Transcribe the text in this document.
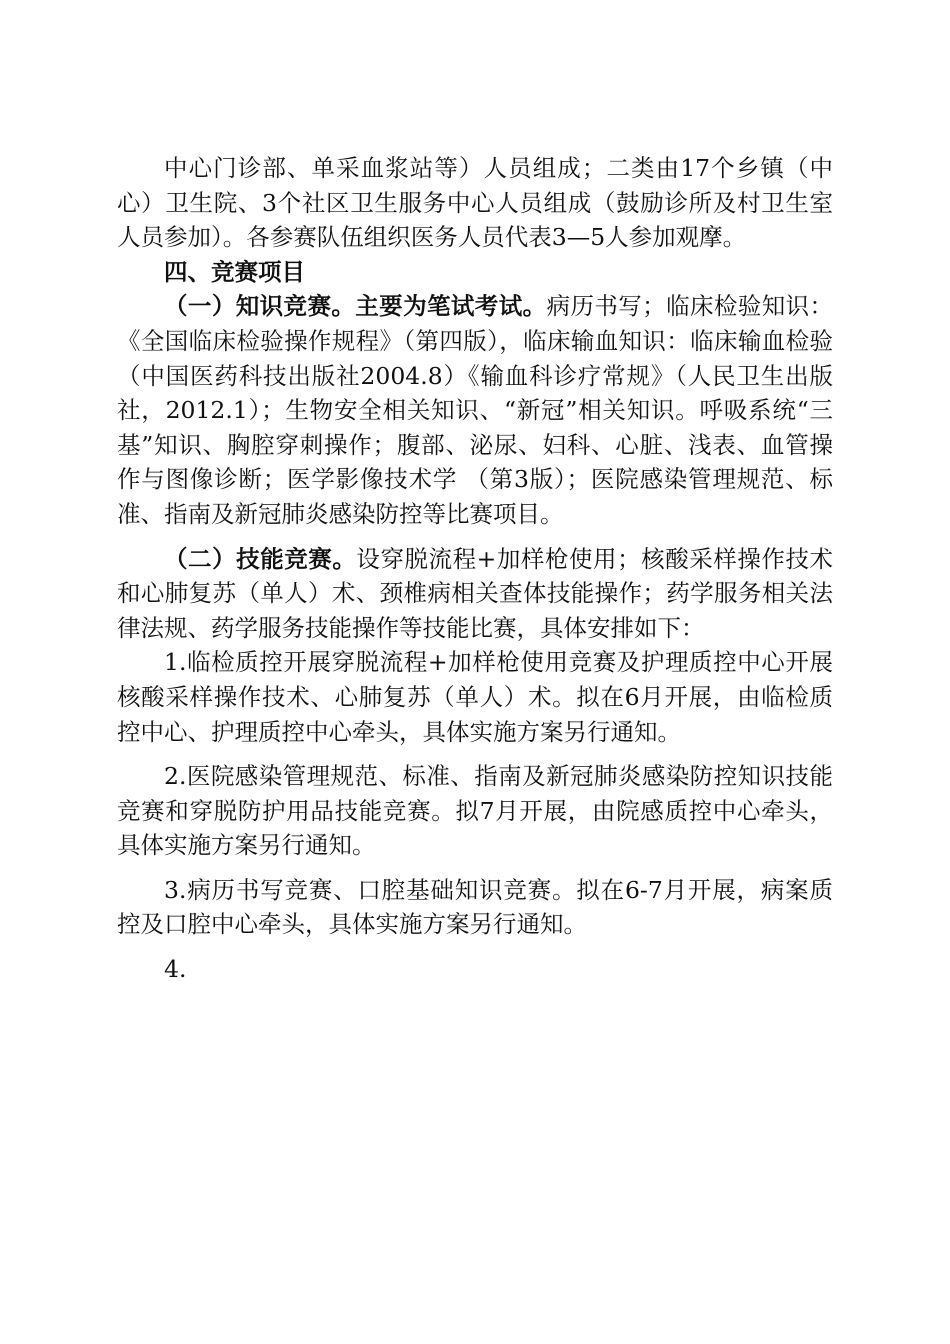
中心门诊部、单采血浆站等）人员组成；二类由17个乡镇（中心）卫生院、3个社区卫生服务中心人员组成（鼓励诊所及村卫生室人员参加）。各参赛队伍组织医务人员代表3—5人参加观摩。

四、竞赛项目

（一）知识竞赛。主要为笔试考试。病历书写；临床检验知识：《全国临床检验操作规程》（第四版），临床输血知识：临床输血检验（中国医药科技出版社2004.8）《输血科诊疗常规》（人民卫生出版社，2012.1）；生物安全相关知识、“新冠”相关知识。呼吸系统“三基”知识、胸腔穿刺操作；腹部、泌尿、妇科、心脏、浅表、血管操作与图像诊断；医学影像技术学 （第3版）；医院感染管理规范、标准、指南及新冠肺炎感染防控等比赛项目。

（二）技能竞赛。设穿脱流程+加样枪使用；核酸采样操作技术和心肺复苏（单人）术、颈椎病相关查体技能操作；药学服务相关法律法规、药学服务技能操作等技能比赛，具体安排如下：

1.临检质控开展穿脱流程+加样枪使用竞赛及护理质控中心开展核酸采样操作技术、心肺复苏（单人）术。拟在6月开展，由临检质控中心、护理质控中心牵头，具体实施方案另行通知。

2.医院感染管理规范、标准、指南及新冠肺炎感染防控知识技能竞赛和穿脱防护用品技能竞赛。拟7月开展，由院感质控中心牵头，具体实施方案另行通知。

3.病历书写竞赛、口腔基础知识竞赛。拟在6-7月开展，病案质控及口腔中心牵头，具体实施方案另行通知。

4.
